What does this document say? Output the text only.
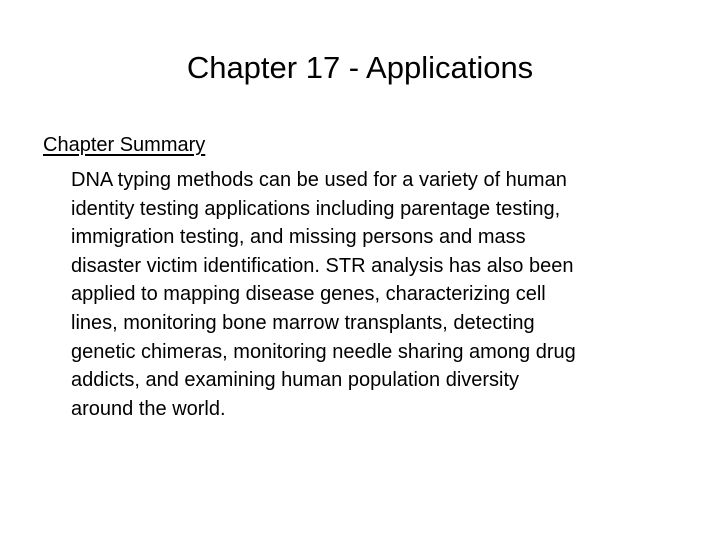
Chapter 17 - Applications
Chapter Summary
DNA typing methods can be used for a variety of human
identity testing applications including parentage testing,
immigration testing, and missing persons and mass
disaster victim identification. STR analysis has also been
applied to mapping disease genes, characterizing cell
lines, monitoring bone marrow transplants, detecting
genetic chimeras, monitoring needle sharing among drug
addicts, and examining human population diversity
around the world.
